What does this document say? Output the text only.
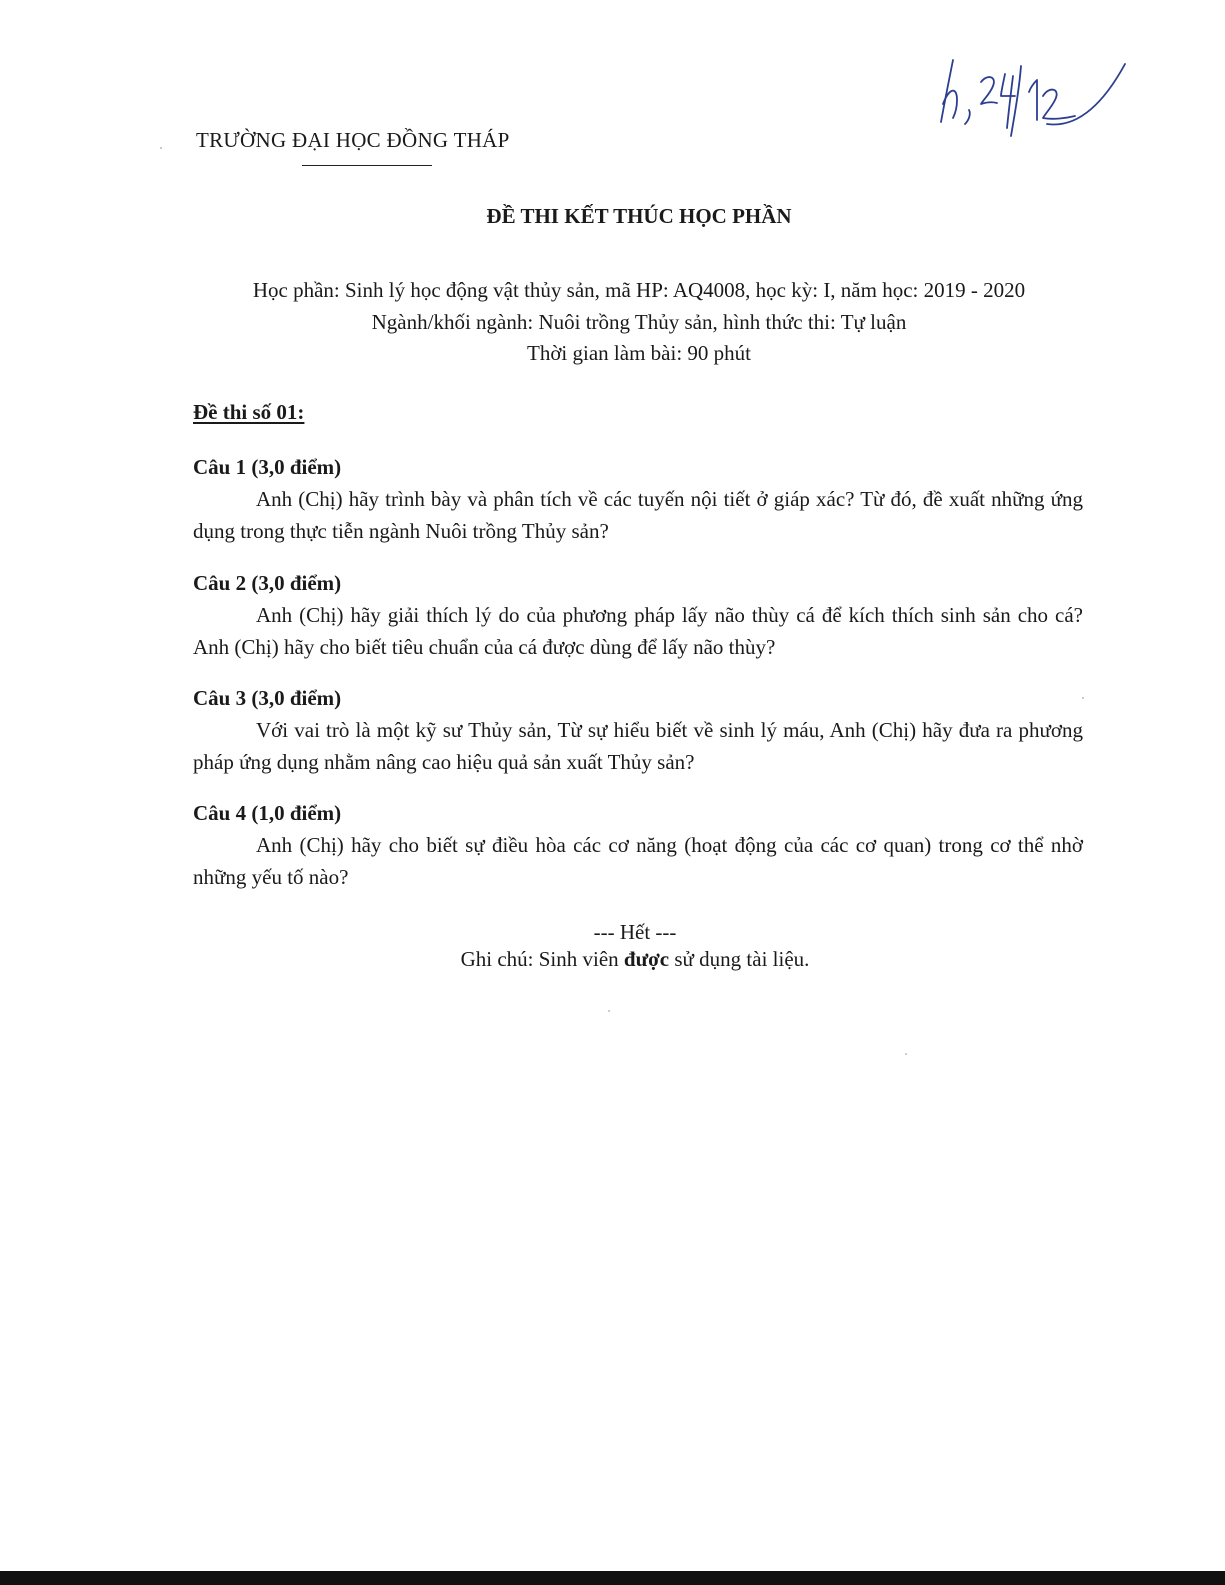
TRƯỜNG ĐẠI HỌC ĐỒNG THÁP
ĐỀ THI KẾT THÚC HỌC PHẦN
Học phần: Sinh lý học động vật thủy sản, mã HP: AQ4008, học kỳ: I, năm học: 2019 - 2020
Ngành/khối ngành: Nuôi trồng Thủy sản, hình thức thi: Tự luận
Thời gian làm bài: 90 phút
Đề thi số 01:
Câu 1 (3,0 điểm)
Anh (Chị) hãy trình bày và phân tích về các tuyến nội tiết ở giáp xác? Từ đó, đề xuất những ứng dụng trong thực tiễn ngành Nuôi trồng Thủy sản?
Câu 2 (3,0 điểm)
Anh (Chị) hãy giải thích lý do của phương pháp lấy não thùy cá để kích thích sinh sản cho cá? Anh (Chị) hãy cho biết tiêu chuẩn của cá được dùng để lấy não thùy?
Câu 3 (3,0 điểm)
Với vai trò là một kỹ sư Thủy sản, Từ sự hiểu biết về sinh lý máu, Anh (Chị) hãy đưa ra phương pháp ứng dụng nhằm nâng cao hiệu quả sản xuất Thủy sản?
Câu 4 (1,0 điểm)
Anh (Chị) hãy cho biết sự điều hòa các cơ năng (hoạt động của các cơ quan) trong cơ thể nhờ những yếu tố nào?
--- Hết ---
Ghi chú: Sinh viên được sử dụng tài liệu.
